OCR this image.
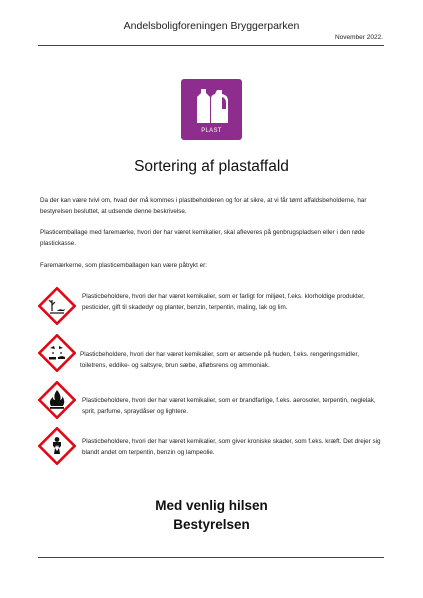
Andelsboligforeningen Bryggerparken
November 2022.
PLAST
Sortering af plastaffald
Da der kan være tvivl om, hvad der må kommes i plastbeholderen og for at sikre, at vi får tømt affaldsbeholderne, har bestyrelsen besluttet, at udsende denne beskrivelse.
Plasticemballage med faremærke, hvori der har været kemikalier, skal afleveres på genbrugspladsen eller i den røde plastickasse.
Faremærkerne, som plasticemballagen kan være påtrykt er:
Plasticbeholdere, hvori der har været kemikalier, som er farligt for miljøet, f.eks. klorholdige produkter, pesticider, gift til skadedyr og planter, benzin, terpentin, maling, lak og lim.
Plasticbeholdere, hvori der har været kemikalier, som er ætsende på huden, f.eks. rengøringsmidler, toiletrens, eddike- og saltsyre, brun sæbe, afløbsrens og ammoniak.
Plasticbeholdere, hvori der har været kemikalier, som er brandfarlige, f.eks. aerosoler, terpentin, neglelak, sprit, parfume, spraydåser og lightere.
Plasticbeholdere, hvori der har været kemikalier, som giver kroniske skader, som f.eks. kræft. Det drejer sig blandt andet om terpentin, benzin og lampeolie.
Med venlig hilsen
Bestyrelsen
